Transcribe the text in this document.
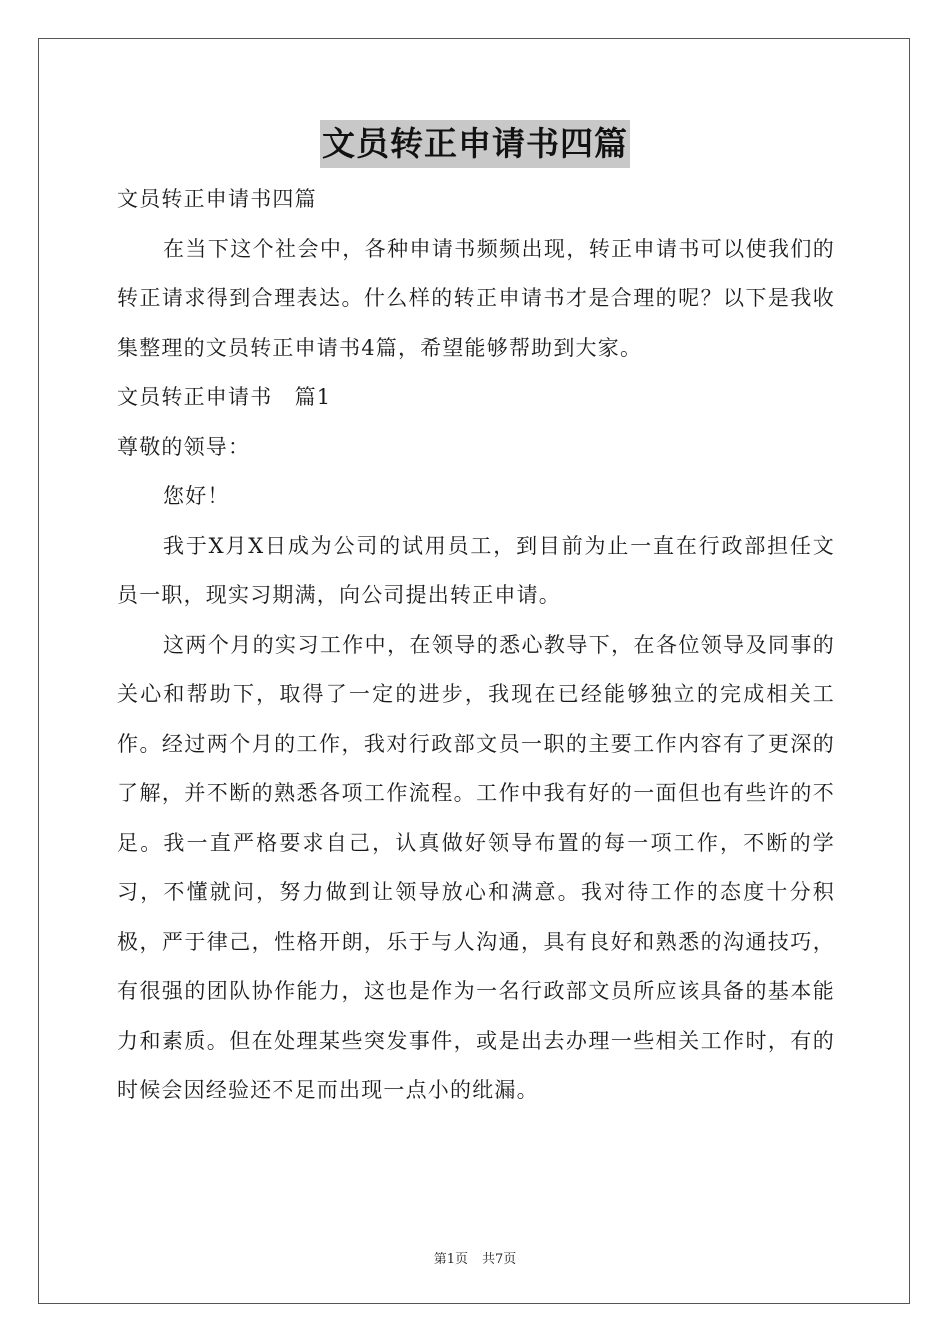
文员转正申请书四篇

文员转正申请书四篇

在当下这个社会中，各种申请书频频出现，转正申请书可以使我们的转正请求得到合理表达。什么样的转正申请书才是合理的呢？以下是我收集整理的文员转正申请书4篇，希望能够帮助到大家。

文员转正申请书　篇1

尊敬的领导：

您好！

我于X月X日成为公司的试用员工，到目前为止一直在行政部担任文员一职，现实习期满，向公司提出转正申请。

这两个月的实习工作中，在领导的悉心教导下，在各位领导及同事的关心和帮助下，取得了一定的进步，我现在已经能够独立的完成相关工作。经过两个月的工作，我对行政部文员一职的主要工作内容有了更深的了解，并不断的熟悉各项工作流程。工作中我有好的一面但也有些许的不足。我一直严格要求自己，认真做好领导布置的每一项工作，不断的学习，不懂就问，努力做到让领导放心和满意。我对待工作的态度十分积极，严于律己，性格开朗，乐于与人沟通，具有良好和熟悉的沟通技巧，有很强的团队协作能力，这也是作为一名行政部文员所应该具备的基本能力和素质。但在处理某些突发事件，或是出去办理一些相关工作时，有的时候会因经验还不足而出现一点小的纰漏。

第1页 共7页
